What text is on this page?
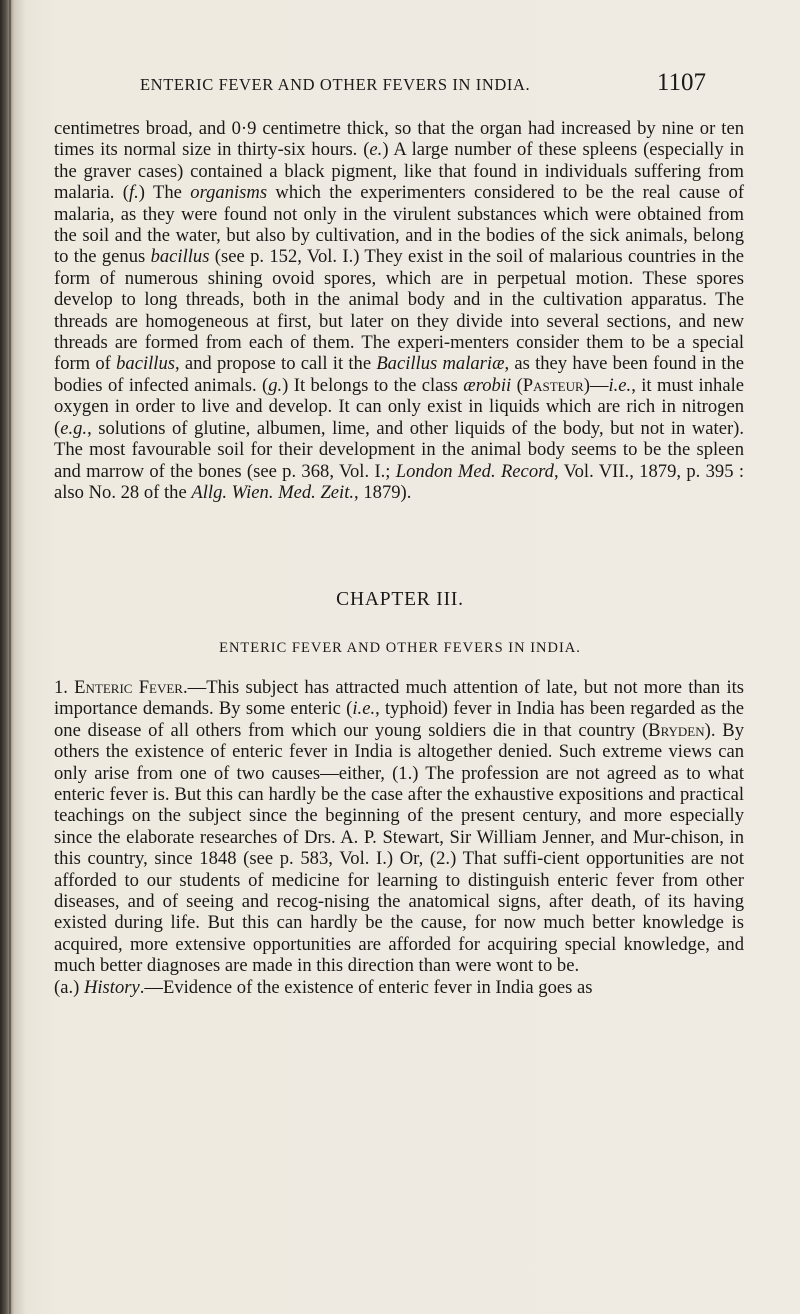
ENTERIC FEVER AND OTHER FEVERS IN INDIA.	1107

centimetres broad, and 0·9 centimetre thick, so that the organ had increased by nine or ten times its normal size in thirty-six hours. (e.) A large number of these spleens (especially in the graver cases) contained a black pigment, like that found in individuals suffering from malaria. (f.) The organisms which the experimenters considered to be the real cause of malaria, as they were found not only in the virulent substances which were obtained from the soil and the water, but also by cultivation, and in the bodies of the sick animals, belong to the genus bacillus (see p. 152, Vol. I.) They exist in the soil of malarious countries in the form of numerous shining ovoid spores, which are in perpetual motion. These spores develop to long threads, both in the animal body and in the cultivation apparatus. The threads are homogeneous at first, but later on they divide into several sections, and new threads are formed from each of them. The experi-menters consider them to be a special form of bacillus, and propose to call it the Bacillus malariæ, as they have been found in the bodies of infected animals. (g.) It belongs to the class ærobii (Pasteur)—i.e., it must inhale oxygen in order to live and develop. It can only exist in liquids which are rich in nitrogen (e.g., solutions of glutine, albumen, lime, and other liquids of the body, but not in water). The most favourable soil for their development in the animal body seems to be the spleen and marrow of the bones (see p. 368, Vol. I.; London Med. Record, Vol. VII., 1879, p. 395 : also No. 28 of the Allg. Wien. Med. Zeit., 1879).

CHAPTER III.
ENTERIC FEVER AND OTHER FEVERS IN INDIA.

1. Enteric Fever.—This subject has attracted much attention of late, but not more than its importance demands. By some enteric (i.e., typhoid) fever in India has been regarded as the one disease of all others from which our young soldiers die in that country (Bryden). By others the existence of enteric fever in India is altogether denied. Such extreme views can only arise from one of two causes—either, (1.) The profession are not agreed as to what enteric fever is. But this can hardly be the case after the exhaustive expositions and practical teachings on the subject since the beginning of the present century, and more especially since the elaborate researches of Drs. A. P. Stewart, Sir William Jenner, and Mur-chison, in this country, since 1848 (see p. 583, Vol. I.) Or, (2.) That suffi-cient opportunities are not afforded to our students of medicine for learning to distinguish enteric fever from other diseases, and of seeing and recog-nising the anatomical signs, after death, of its having existed during life. But this can hardly be the cause, for now much better knowledge is acquired, more extensive opportunities are afforded for acquiring special knowledge, and much better diagnoses are made in this direction than were wont to be.

(a.) History.—Evidence of the existence of enteric fever in India goes as
